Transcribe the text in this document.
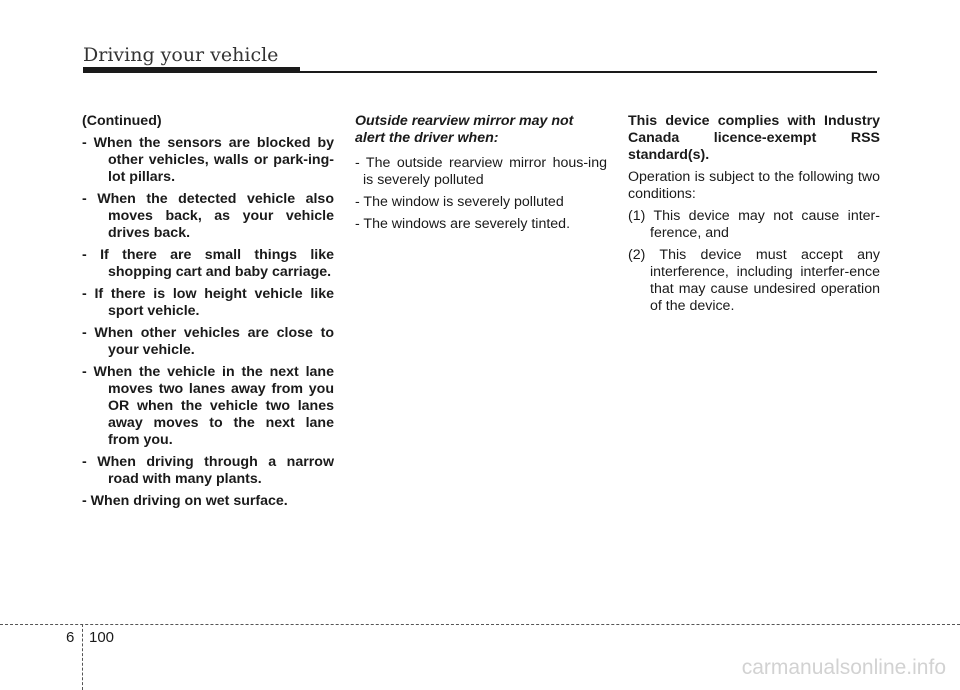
Driving your vehicle

(Continued)

- When the sensors are blocked by other vehicles, walls or park-ing-lot pillars.

- When the detected vehicle also moves back, as your vehicle drives back.

- If there are small things like shopping cart and baby carriage.

- If there is low height vehicle like sport vehicle.

- When other vehicles are close to your vehicle.

- When the vehicle in the next lane moves two lanes away from you OR when the vehicle two lanes away moves to the next lane from you.

- When driving through a narrow road with many plants.

- When driving on wet surface.

Outside rearview mirror may not alert the driver when:

- The outside rearview mirror hous-ing is severely polluted

- The window is severely polluted

- The windows are severely tinted.

This device complies with Industry Canada licence-exempt RSS standard(s).

Operation is subject to the following two conditions:

(1) This device may not cause inter-ference, and

(2) This device must accept any interference, including interfer-ence that may cause undesired operation of the device.

6 100
carmanualsonline.info
